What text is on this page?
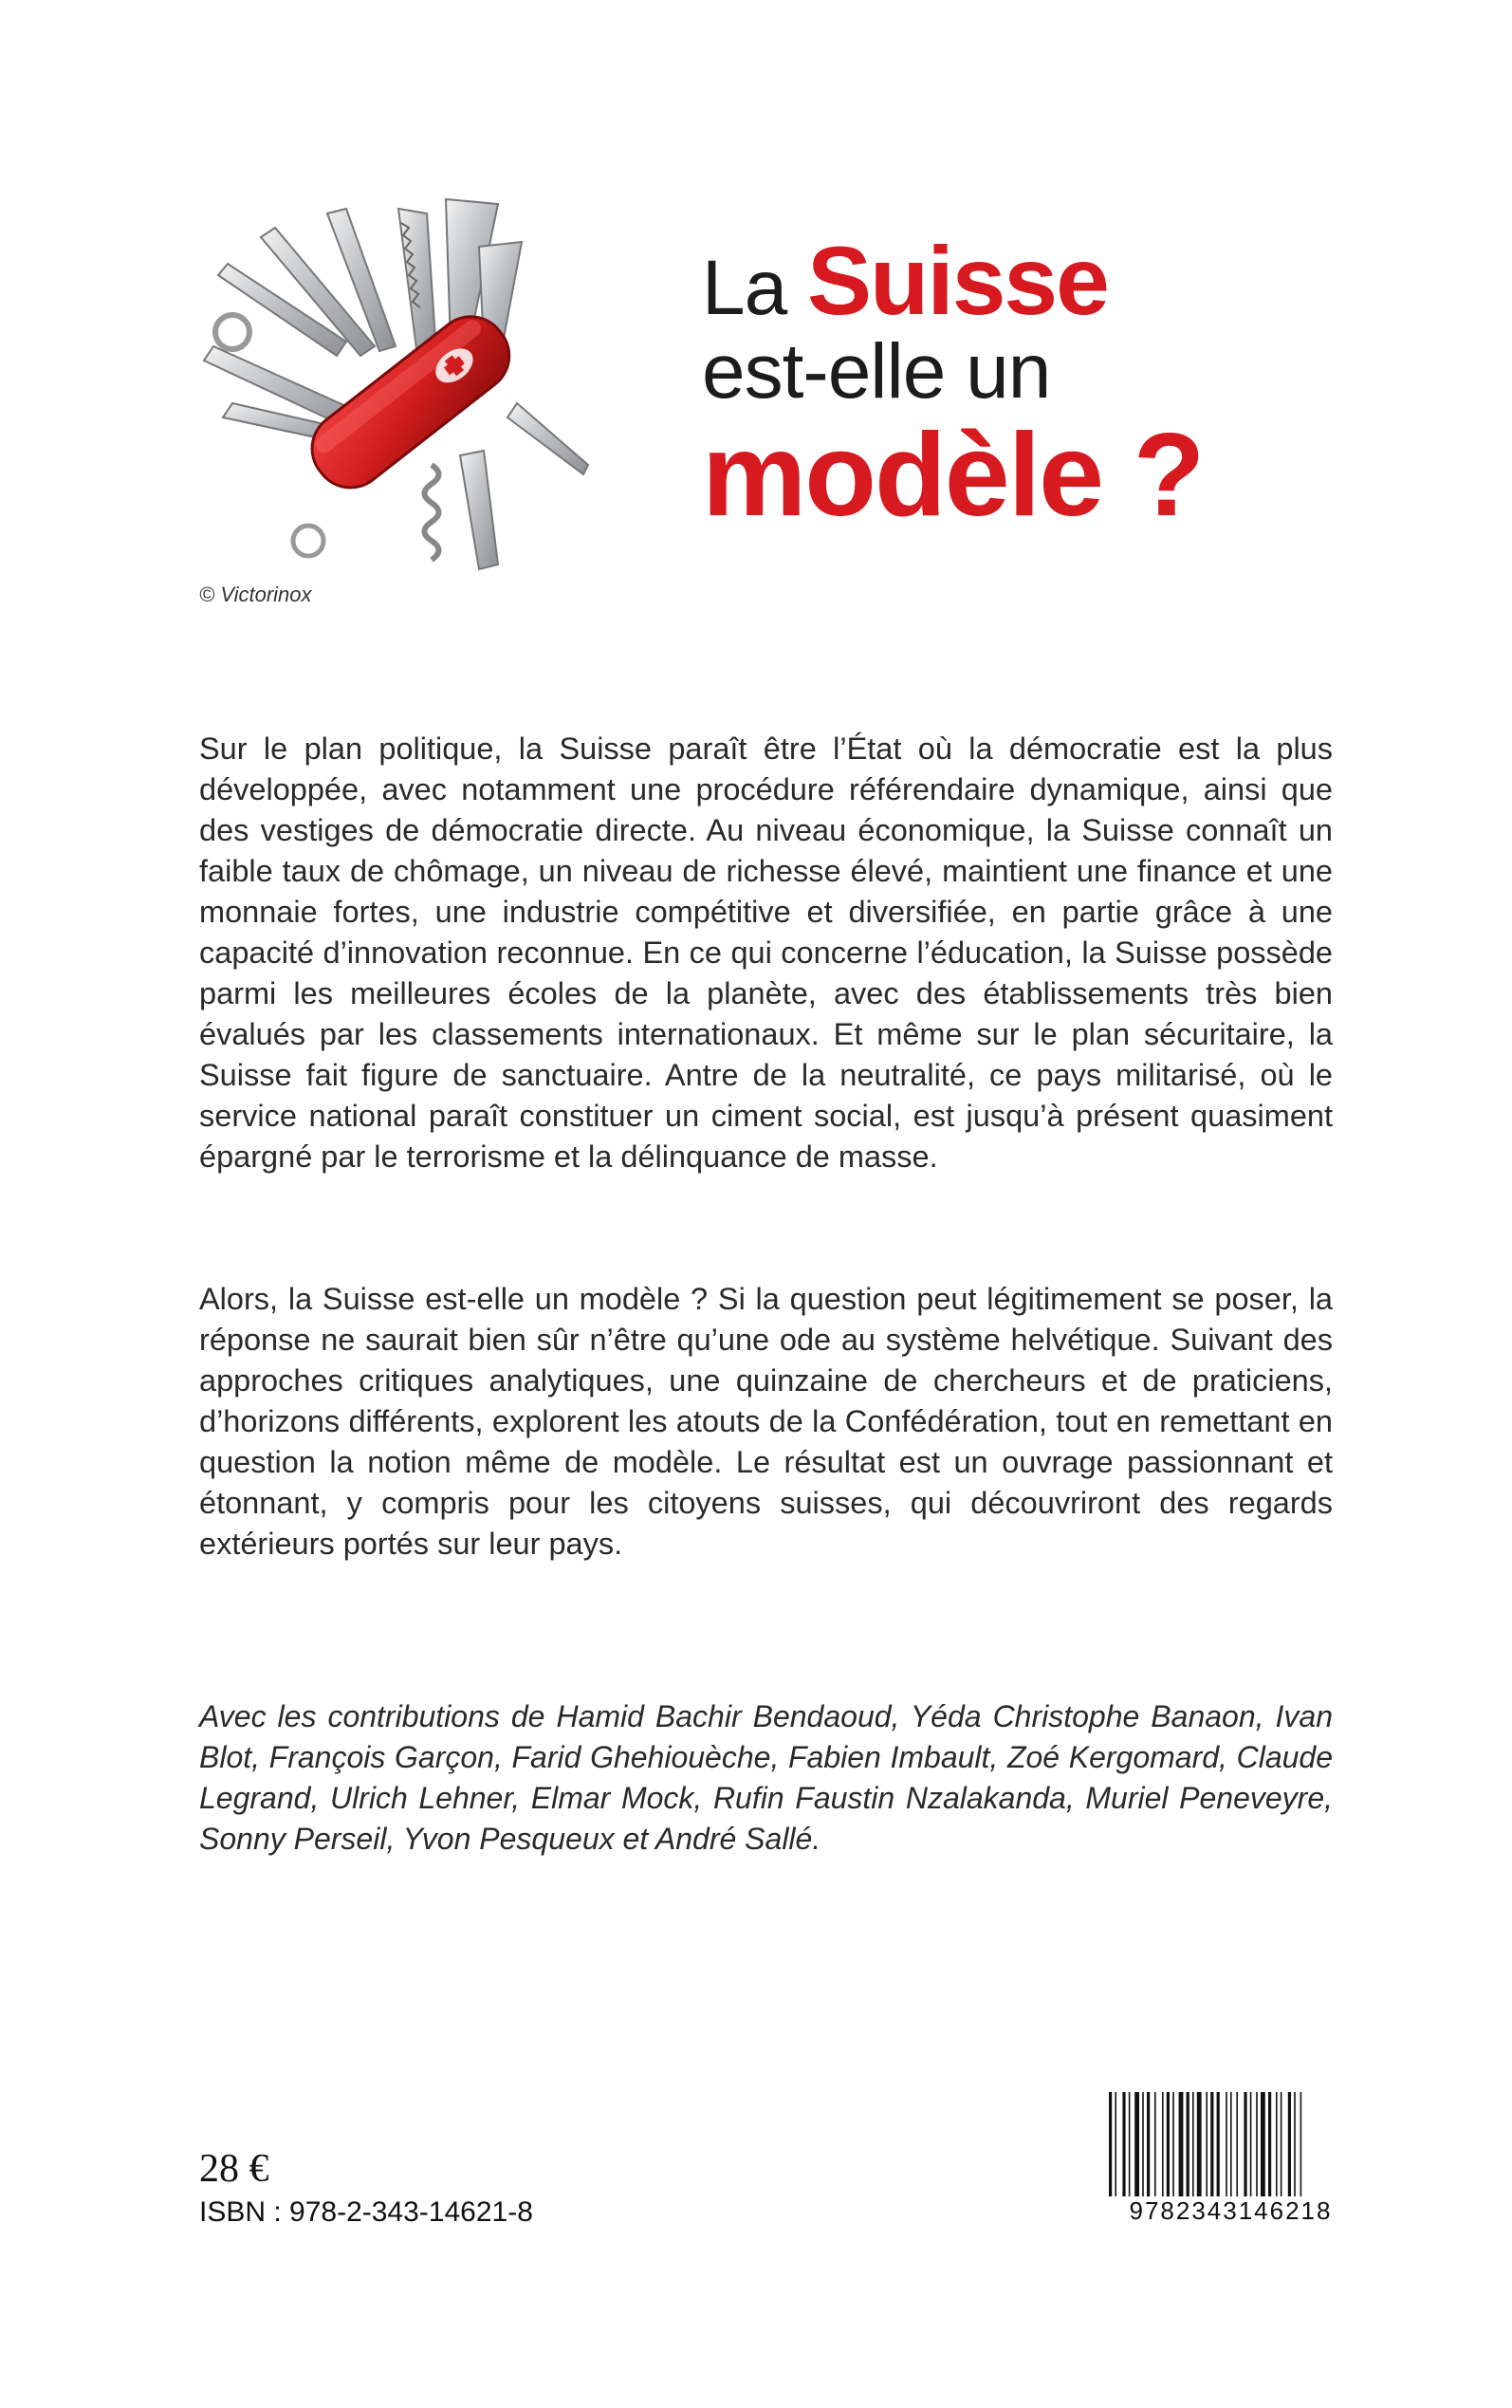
© Victorinox
La Suisse
est-elle un
modèle ?
Sur le plan politique, la Suisse paraît être l’État où la démocratie est la plus développée, avec notamment une procédure référendaire dynamique, ainsi que des vestiges de démocratie directe. Au niveau économique, la Suisse connaît un faible taux de chômage, un niveau de richesse élevé, maintient une finance et une monnaie fortes, une industrie compétitive et diversifiée, en partie grâce à une capacité d’innovation reconnue. En ce qui concerne l’éducation, la Suisse possède parmi les meilleures écoles de la planète, avec des établissements très bien évalués par les classements internationaux. Et même sur le plan sécuritaire, la Suisse fait figure de sanctuaire. Antre de la neutralité, ce pays militarisé, où le service national paraît constituer un ciment social, est jusqu’à présent quasiment épargné par le terrorisme et la délinquance de masse.
Alors, la Suisse est-elle un modèle ? Si la question peut légitimement se poser, la réponse ne saurait bien sûr n’être qu’une ode au système helvétique. Suivant des approches critiques analytiques, une quinzaine de chercheurs et de praticiens, d’horizons différents, explorent les atouts de la Confédération, tout en remettant en question la notion même de modèle. Le résultat est un ouvrage passionnant et étonnant, y compris pour les citoyens suisses, qui découvriront des regards extérieurs portés sur leur pays.
Avec les contributions de Hamid Bachir Bendaoud, Yéda Christophe Banaon, Ivan Blot, François Garçon, Farid Ghehiouèche, Fabien Imbault, Zoé Kergomard, Claude Legrand, Ulrich Lehner, Elmar Mock, Rufin Faustin Nzalakanda, Muriel Peneveyre, Sonny Perseil, Yvon Pesqueux et André Sallé.
28 €
ISBN : 978-2-343-14621-8	9782343146218
